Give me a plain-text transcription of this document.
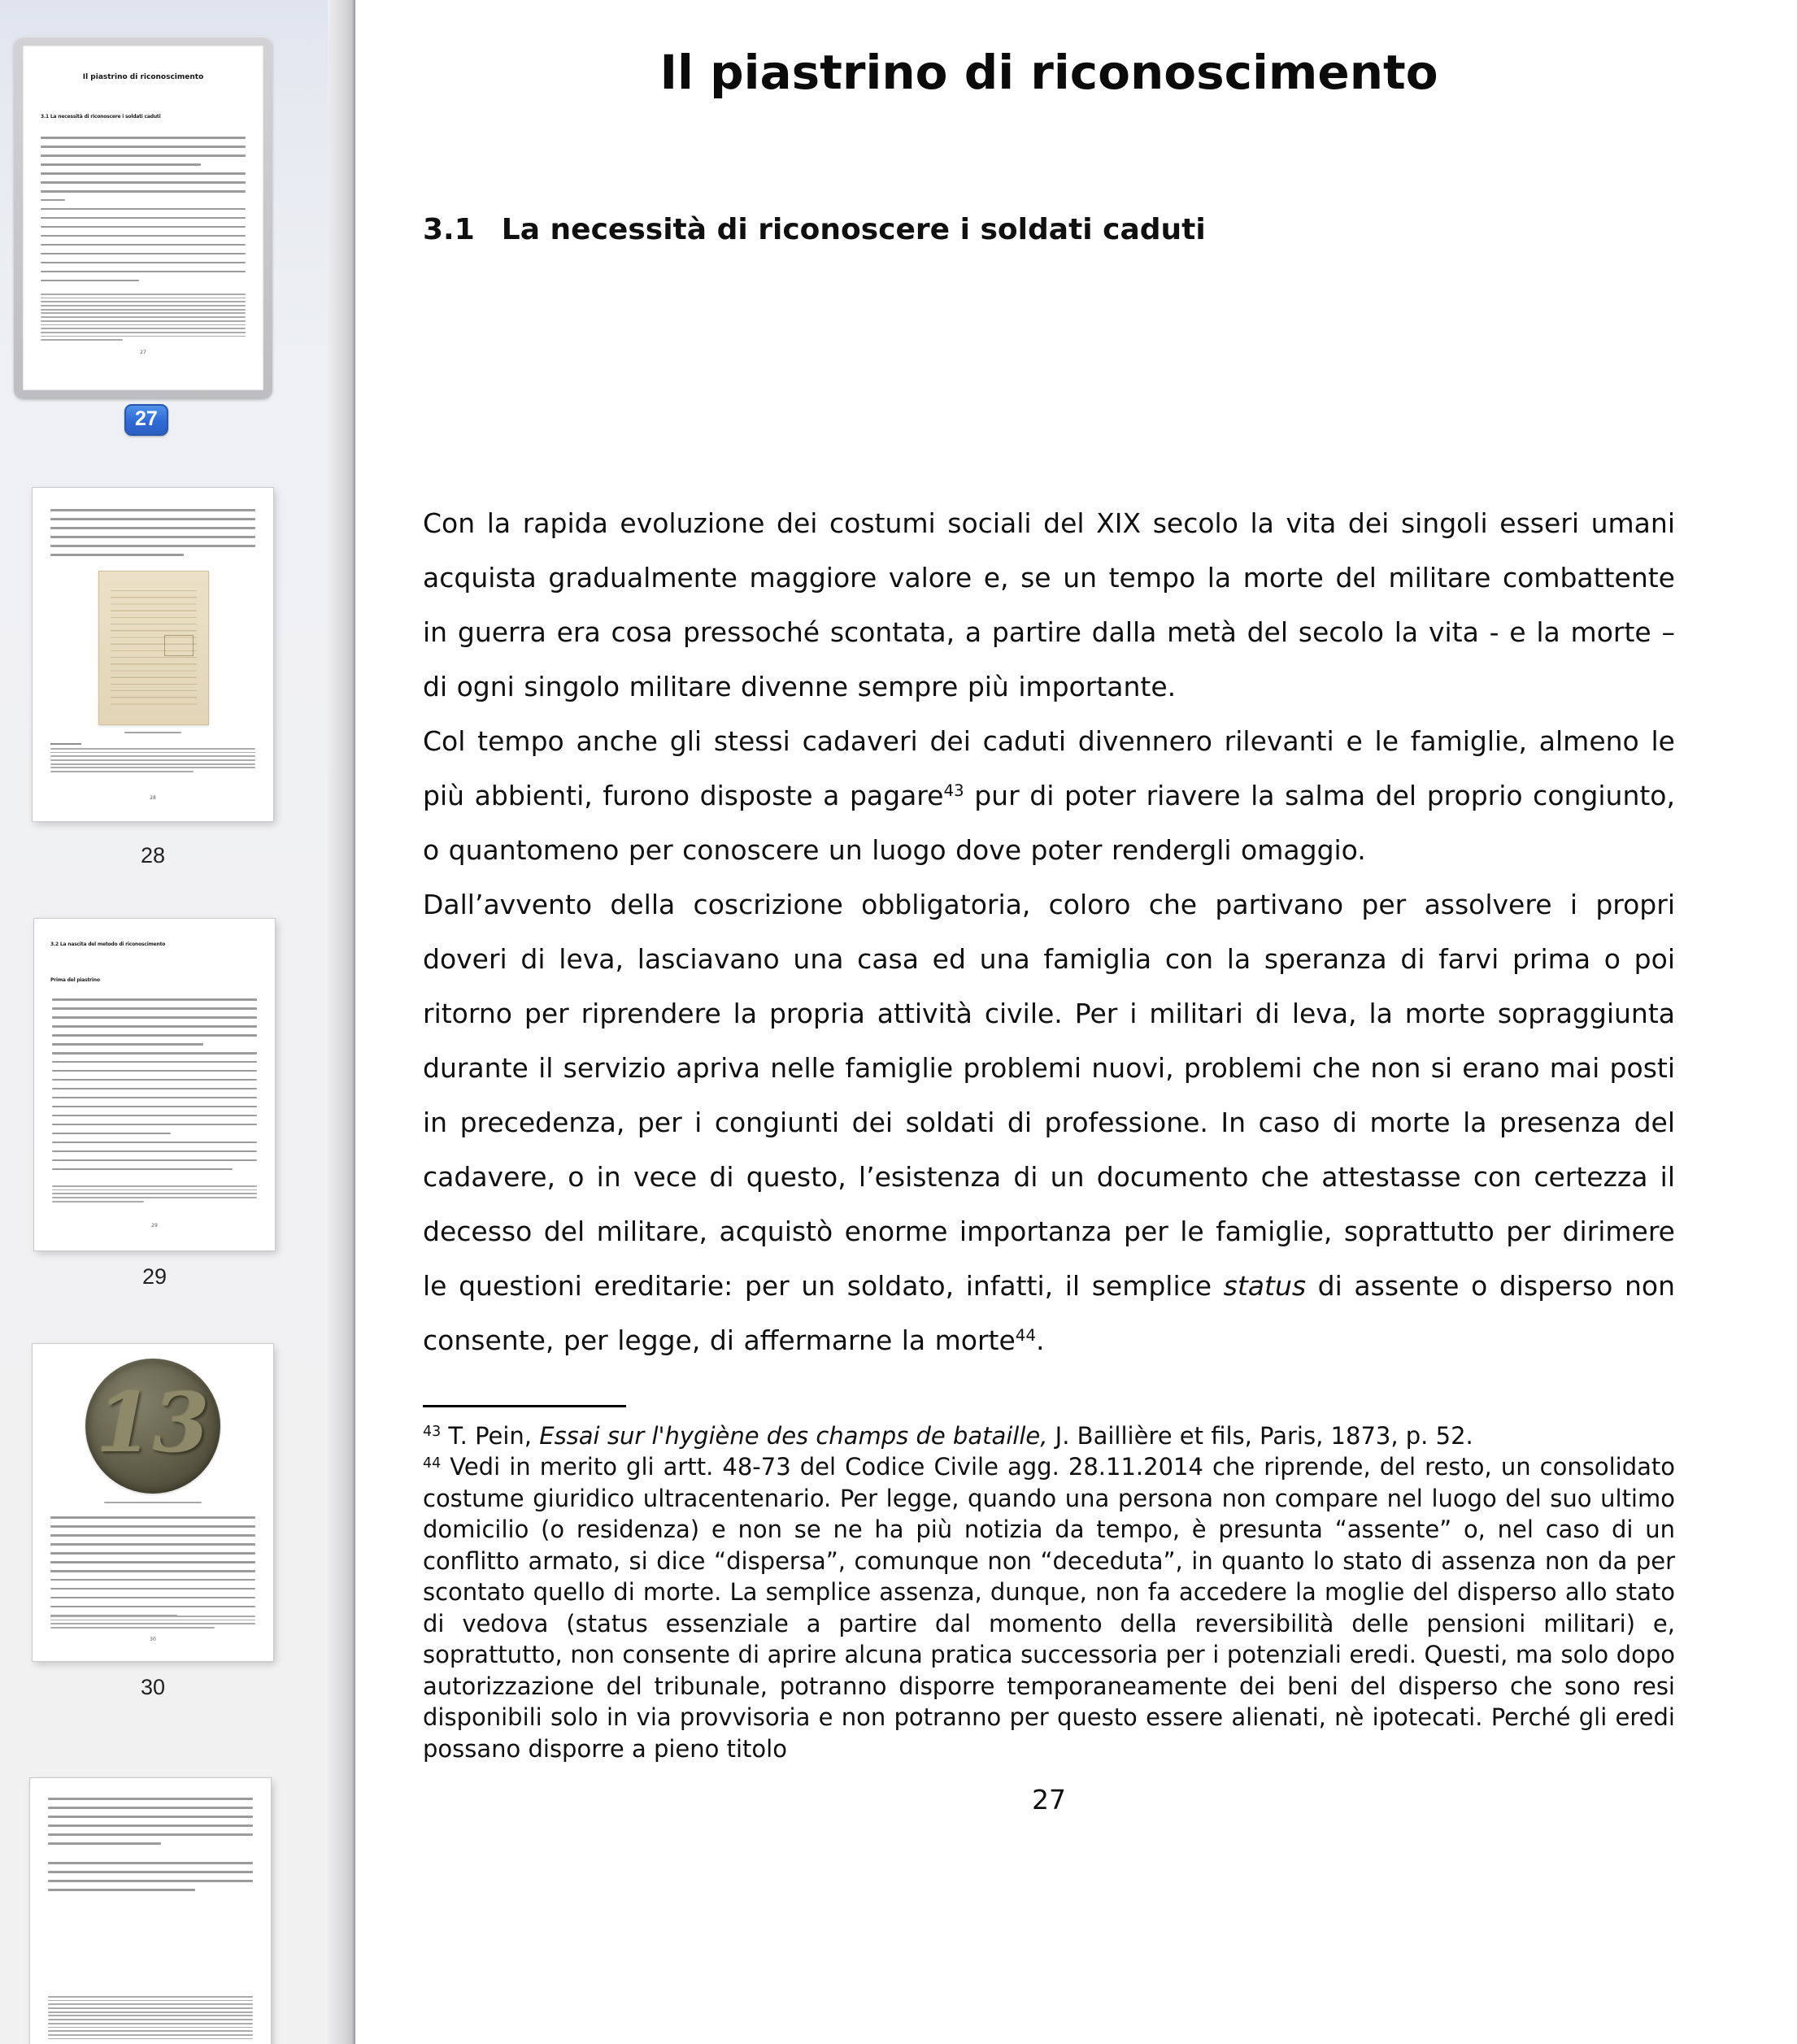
Il piastrino di riconoscimento
3.1 La necessità di riconoscere i soldati caduti
27
27
28
28
3.2 La nascita del metodo di riconoscimento
Prima del piastrino
29
29
13
30
30
Il piastrino di riconoscimento
3.1 La necessità di riconoscere i soldati caduti

Con la rapida evoluzione dei costumi sociali del XIX secolo la vita dei singoli esseri umani acquista gradualmente maggiore valore e, se un tempo la morte del militare combattente in guerra era cosa pressoché scontata, a partire dalla metà del secolo la vita - e la morte – di ogni singolo militare divenne sempre più importante.

Col tempo anche gli stessi cadaveri dei caduti divennero rilevanti e le famiglie, almeno le più abbienti, furono disposte a pagare$^{43}$ pur di poter riavere la salma del proprio congiunto, o quantomeno per conoscere un luogo dove poter rendergli omaggio.

Dall’avvento della coscrizione obbligatoria, coloro che partivano per assolvere i propri doveri di leva, lasciavano una casa ed una famiglia con la speranza di farvi prima o poi ritorno per riprendere la propria attività civile. Per i militari di leva, la morte sopraggiunta durante il servizio apriva nelle famiglie problemi nuovi, problemi che non si erano mai posti in precedenza, per i congiunti dei soldati di professione. In caso di morte la presenza del cadavere, o in vece di questo, l’esistenza di un documento che attestasse con certezza il decesso del militare, acquistò enorme importanza per le famiglie, soprattutto per dirimere le questioni ereditarie: per un soldato, infatti, il semplice status di assente o disperso non consente, per legge, di affermarne la morte$^{44}$.

$^{43}$ T. Pein, Essai sur l'hygiène des champs de bataille, J. Baillière et fils, Paris, 1873, p. 52.

$^{44}$ Vedi in merito gli artt. 48-73 del Codice Civile agg. 28.11.2014 che riprende, del resto, un consolidato costume giuridico ultracentenario. Per legge, quando una persona non compare nel luogo del suo ultimo domicilio (o residenza) e non se ne ha più notizia da tempo, è presunta “assente” o, nel caso di un conflitto armato, si dice “dispersa”, comunque non “deceduta”, in quanto lo stato di assenza non da per scontato quello di morte. La semplice assenza, dunque, non fa accedere la moglie del disperso allo stato di vedova (status essenziale a partire dal momento della reversibilità delle pensioni militari) e, soprattutto, non consente di aprire alcuna pratica successoria per i potenziali eredi. Questi, ma solo dopo autorizzazione del tribunale, potranno disporre temporaneamente dei beni del disperso che sono resi disponibili solo in via provvisoria e non potranno per questo essere alienati, nè ipotecati. Perché gli eredi possano disporre a pieno titolo

27
